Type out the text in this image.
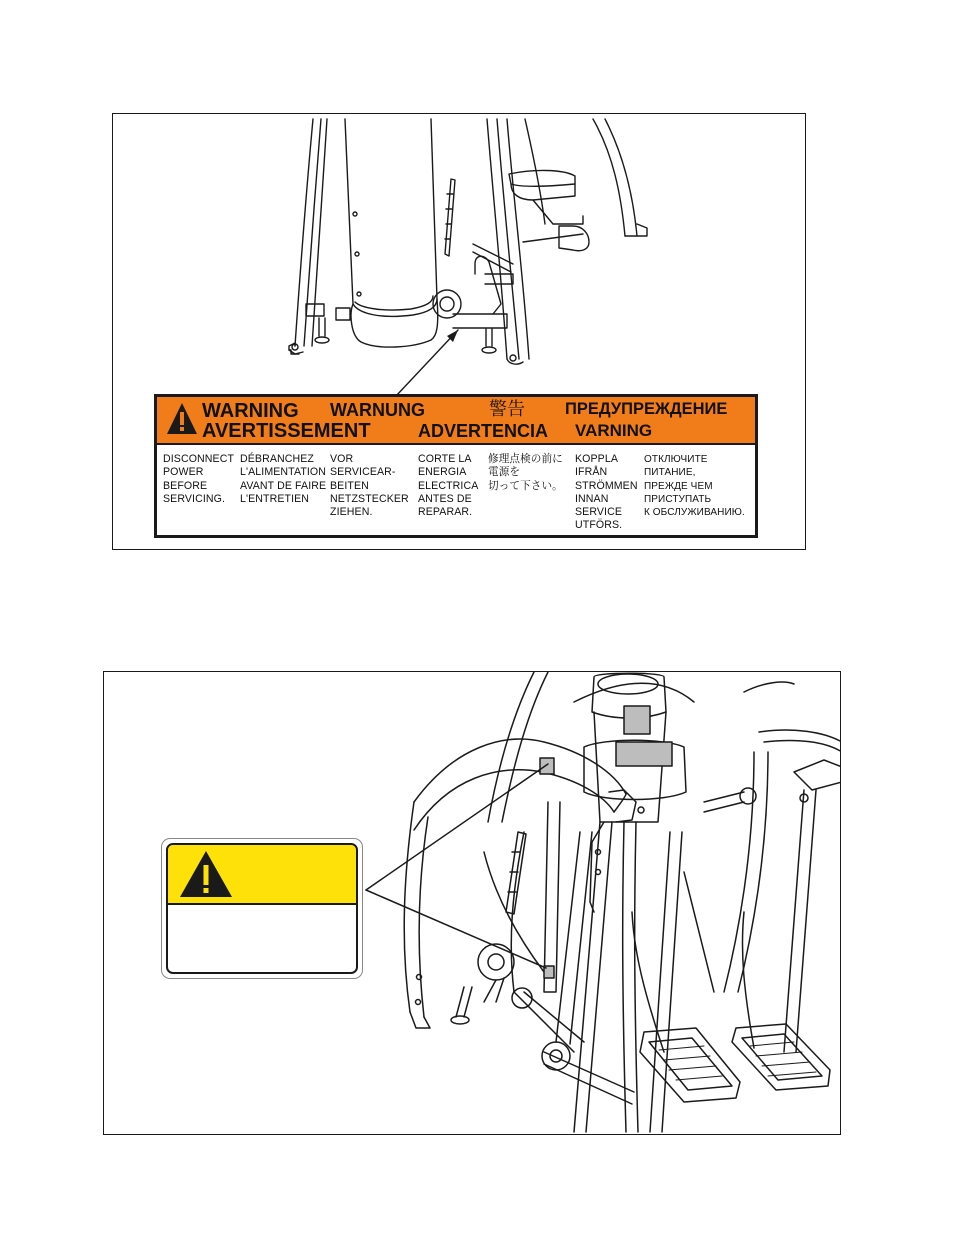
WARNING
AVERTISSEMENT
WARNUNG
ADVERTENCIA
警告 ПРЕДУПРЕЖДЕНИЕ
VARNING
DISCONNECT
POWER
BEFORE
SERVICING.
DÉBRANCHEZ
L'ALIMENTATION
AVANT DE FAIRE
L'ENTRETIEN
VOR
SERVICEAR-
BEITEN
NETZSTECKER
ZIEHEN.
CORTE LA
ENERGIA
ELECTRICA
ANTES DE
REPARAR.
修理点検の前に
電源を
切って下さい。
KOPPLA
IFRÅN
STRÖMMEN
INNAN
SERVICE
UTFÖRS.
ОТКЛЮЧИТЕ
ПИТАНИЕ,
ПРЕЖДЕ ЧЕМ
ПРИСТУПАТЬ
К ОБСЛУЖИВАНИЮ.
